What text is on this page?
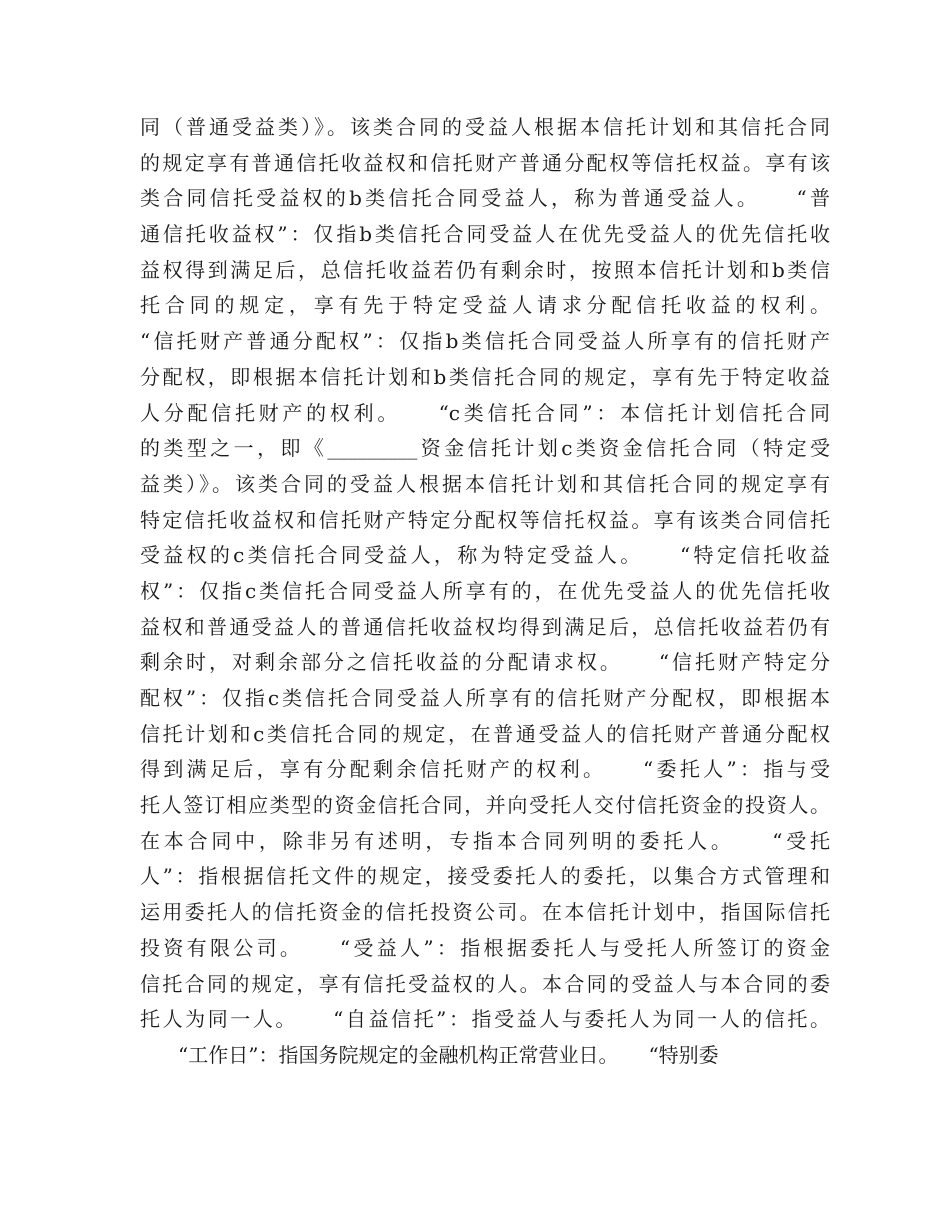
同（普通受益类）》。该类合同的受益人根据本信托计划和其信托合同
的规定享有普通信托收益权和信托财产普通分配权等信托权益。享有该
类合同信托受益权的b类信托合同受益人，称为普通受益人。　　“普
通信托收益权”：仅指b类信托合同受益人在优先受益人的优先信托收
益权得到满足后，总信托收益若仍有剩余时，按照本信托计划和b类信
托合同的规定，享有先于特定受益人请求分配信托收益的权利。
“信托财产普通分配权”：仅指b类信托合同受益人所享有的信托财产
分配权，即根据本信托计划和b类信托合同的规定，享有先于特定收益
人分配信托财产的权利。　　“c类信托合同”：本信托计划信托合同
的类型之一，即《_________资金信托计划c类资金信托合同（特定受
益类）》。该类合同的受益人根据本信托计划和其信托合同的规定享有
特定信托收益权和信托财产特定分配权等信托权益。享有该类合同信托
受益权的c类信托合同受益人，称为特定受益人。　　“特定信托收益
权”：仅指c类信托合同受益人所享有的，在优先受益人的优先信托收
益权和普通受益人的普通信托收益权均得到满足后，总信托收益若仍有
剩余时，对剩余部分之信托收益的分配请求权。　　“信托财产特定分
配权”：仅指c类信托合同受益人所享有的信托财产分配权，即根据本
信托计划和c类信托合同的规定，在普通受益人的信托财产普通分配权
得到满足后，享有分配剩余信托财产的权利。　　“委托人”：指与受
托人签订相应类型的资金信托合同，并向受托人交付信托资金的投资人。
在本合同中，除非另有述明，专指本合同列明的委托人。　　“受托
人”：指根据信托文件的规定，接受委托人的委托，以集合方式管理和
运用委托人的信托资金的信托投资公司。在本信托计划中，指国际信托
投资有限公司。　　“受益人”：指根据委托人与受托人所签订的资金
信托合同的规定，享有信托受益权的人。本合同的受益人与本合同的委
托人为同一人。　　“自益信托”：指受益人与委托人为同一人的信托。
“工作日”：指国务院规定的金融机构正常营业日。　　“特别委
